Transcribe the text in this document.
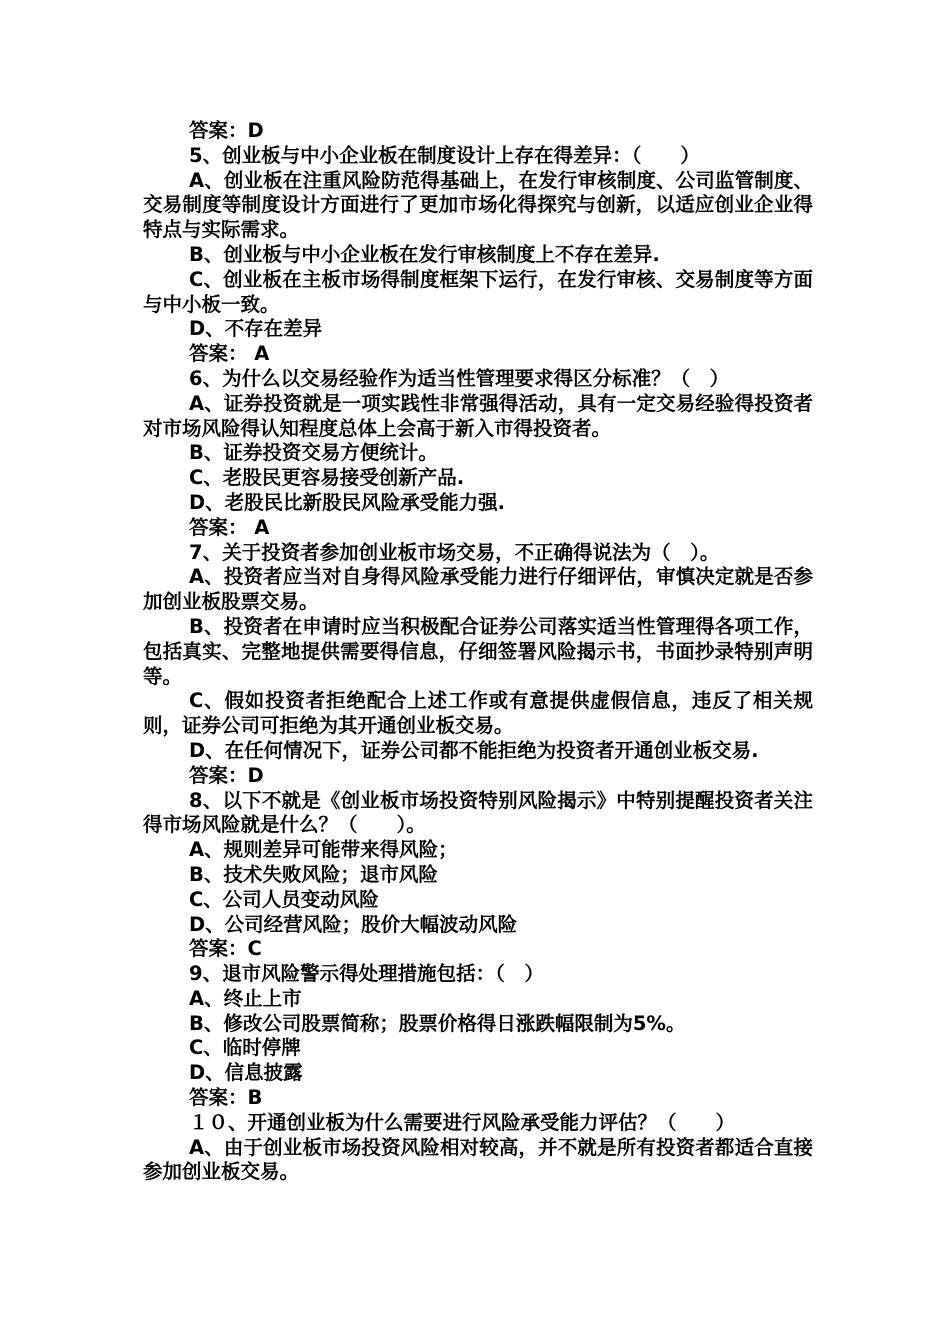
答案：D

5、创业板与中小企业板在制度设计上存在得差异：（　　）

A、创业板在注重风险防范得基础上，在发行审核制度、公司监管制度、交易制度等制度设计方面进行了更加市场化得探究与创新，以适应创业企业得特点与实际需求。

B、创业板与中小企业板在发行审核制度上不存在差异.

C、创业板在主板市场得制度框架下运行，在发行审核、交易制度等方面与中小板一致。

D、不存在差异

答案： A

6、为什么以交易经验作为适当性管理要求得区分标准？（　）

A、证券投资就是一项实践性非常强得活动，具有一定交易经验得投资者对市场风险得认知程度总体上会高于新入市得投资者。

B、证券投资交易方便统计。

C、老股民更容易接受创新产品.

D、老股民比新股民风险承受能力强.

答案： A

7、关于投资者参加创业板市场交易，不正确得说法为（　）。

A、投资者应当对自身得风险承受能力进行仔细评估，审慎决定就是否参加创业板股票交易。

B、投资者在申请时应当积极配合证券公司落实适当性管理得各项工作，包括真实、完整地提供需要得信息，仔细签署风险揭示书，书面抄录特别声明等。

C、假如投资者拒绝配合上述工作或有意提供虚假信息，违反了相关规则，证券公司可拒绝为其开通创业板交易。

D、在任何情况下，证券公司都不能拒绝为投资者开通创业板交易.

答案：D

8、以下不就是《创业板市场投资特别风险揭示》中特别提醒投资者关注得市场风险就是什么？（　　）。

A、规则差异可能带来得风险；

B、技术失败风险；退市风险

C、公司人员变动风险

D、公司经营风险；股价大幅波动风险

答案：C

9、退市风险警示得处理措施包括：（　）

A、终止上市

B、修改公司股票简称；股票价格得日涨跌幅限制为5%。

C、临时停牌

D、信息披露

答案：B

１０、开通创业板为什么需要进行风险承受能力评估？（　　）

A、由于创业板市场投资风险相对较高，并不就是所有投资者都适合直接参加创业板交易。
